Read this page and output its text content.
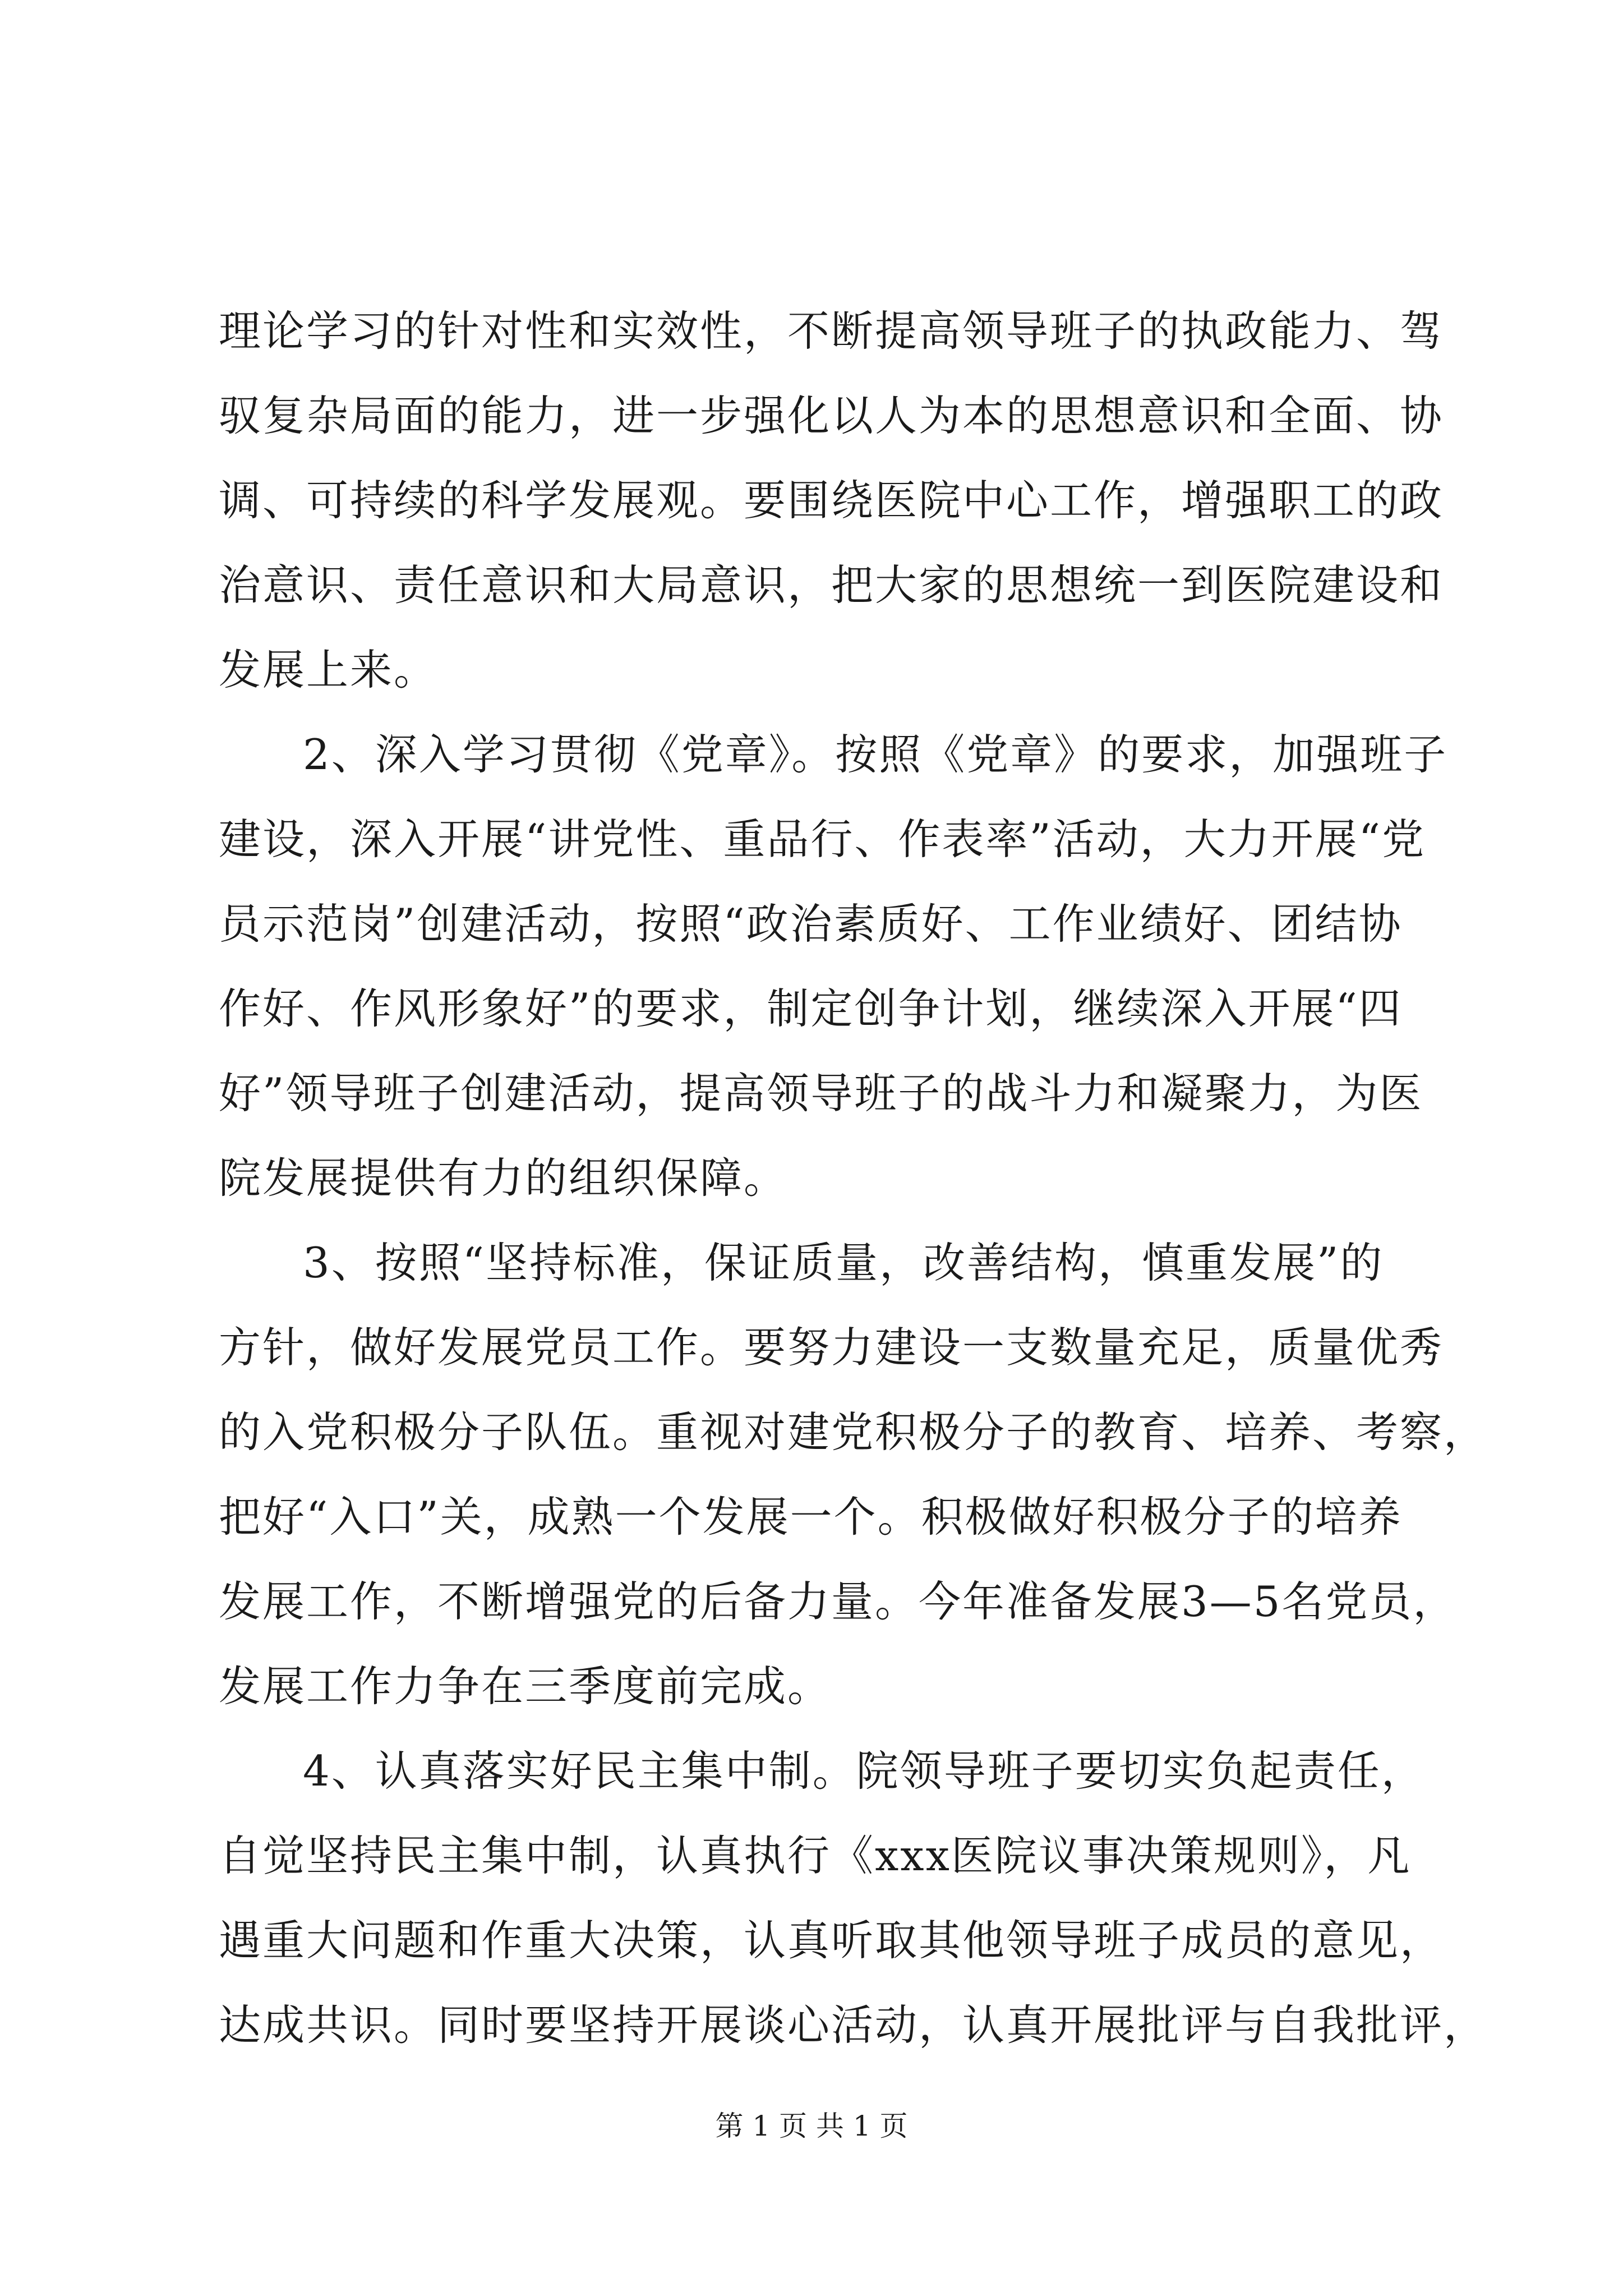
理论学习的针对性和实效性，不断提高领导班子的执政能力、驾
驭复杂局面的能力，进一步强化以人为本的思想意识和全面、协
调、可持续的科学发展观。要围绕医院中心工作，增强职工的政
治意识、责任意识和大局意识，把大家的思想统一到医院建设和
发展上来。
2、深入学习贯彻《党章》。按照《党章》的要求，加强班子
建设，深入开展“讲党性、重品行、作表率”活动，大力开展“党
员示范岗”创建活动，按照“政治素质好、工作业绩好、团结协
作好、作风形象好”的要求，制定创争计划，继续深入开展“四
好”领导班子创建活动，提高领导班子的战斗力和凝聚力，为医
院发展提供有力的组织保障。
3、按照“坚持标准，保证质量，改善结构，慎重发展”的
方针，做好发展党员工作。要努力建设一支数量充足，质量优秀
的入党积极分子队伍。重视对建党积极分子的教育、培养、考察，
把好“入口”关，成熟一个发展一个。积极做好积极分子的培养
发展工作，不断增强党的后备力量。今年准备发展3—5名党员，
发展工作力争在三季度前完成。
4、认真落实好民主集中制。院领导班子要切实负起责任，
自觉坚持民主集中制，认真执行《xxx医院议事决策规则》，凡
遇重大问题和作重大决策，认真听取其他领导班子成员的意见，
达成共识。同时要坚持开展谈心活动，认真开展批评与自我批评，
第 1 页 共 1 页
